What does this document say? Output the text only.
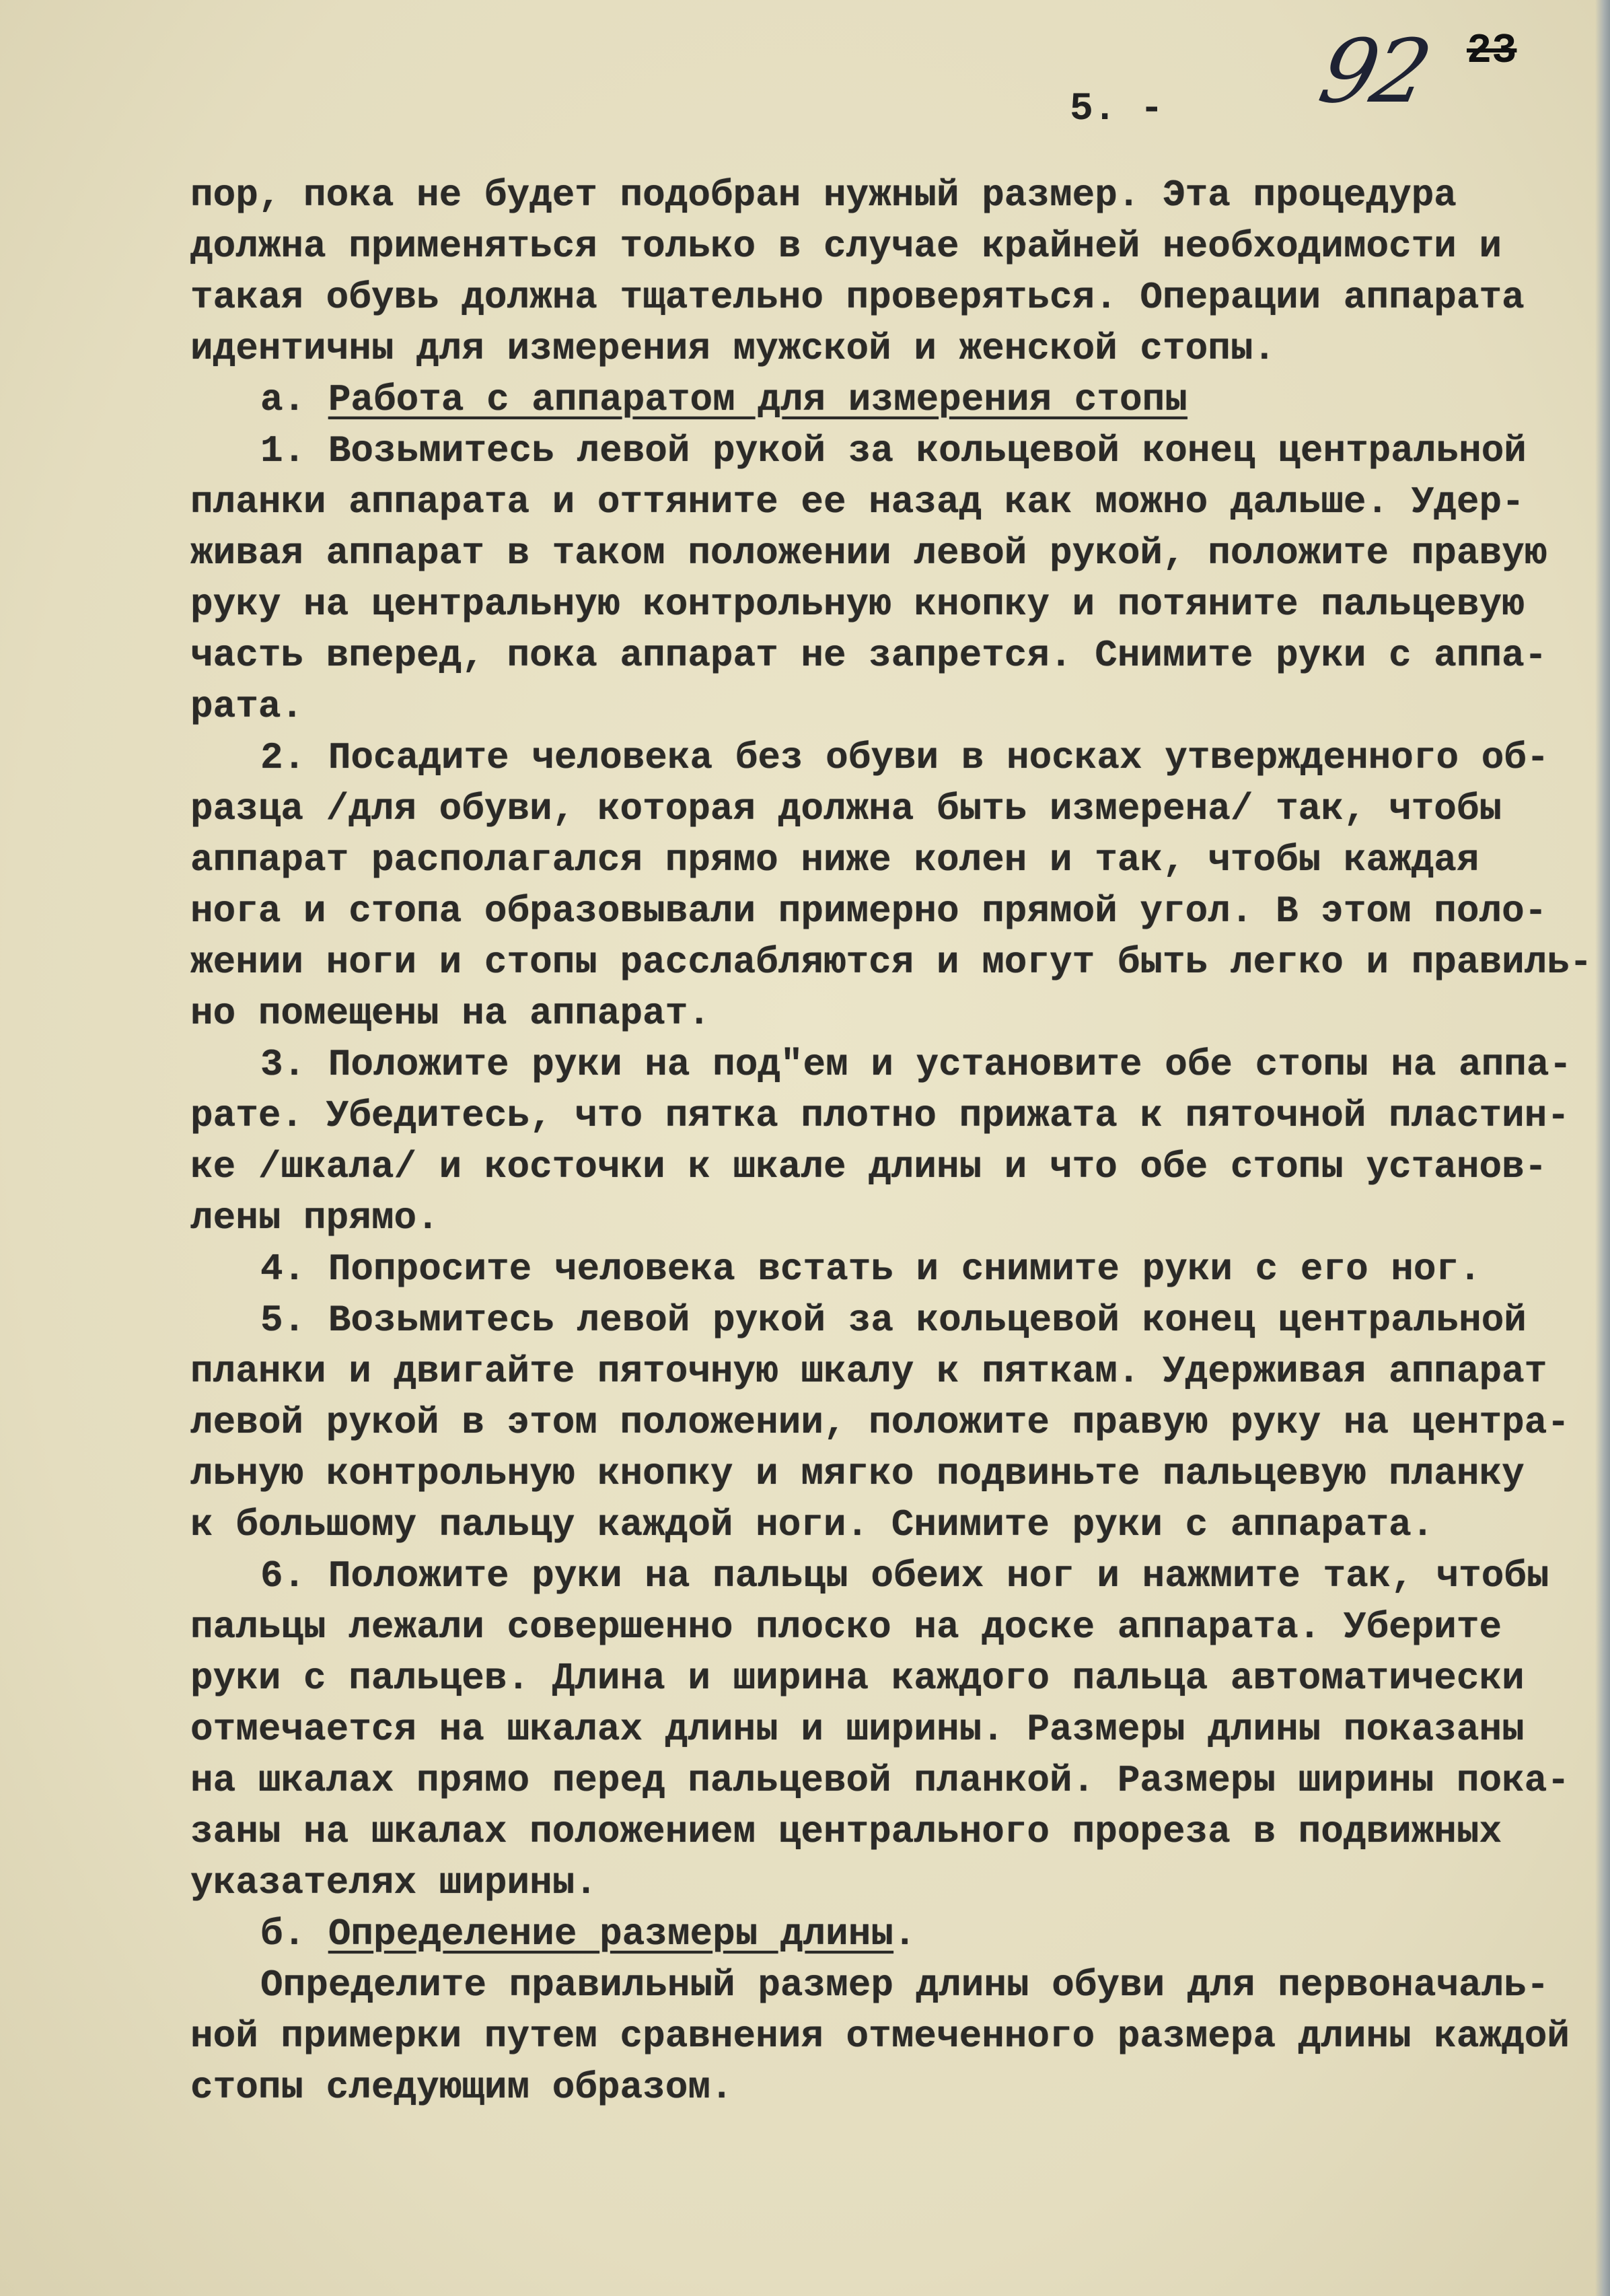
5. - 92 23
пор, пока не будет подобран нужный размер. Эта процедура
должна применяться только в случае крайней необходимости и
такая обувь должна тщательно проверяться. Операции аппарата
идентичны для измерения мужской и женской стопы.
а. Работа с аппаратом для измерения стопы
1. Возьмитесь левой рукой за кольцевой конец центральной
планки аппарата и оттяните ее назад как можно дальше. Удер-
живая аппарат в таком положении левой рукой, положите правую
руку на центральную контрольную кнопку и потяните пальцевую
часть вперед, пока аппарат не запрется. Снимите руки с аппа-
рата.
2. Посадите человека без обуви в носках утвержденного об-
разца /для обуви, которая должна быть измерена/ так, чтобы
аппарат располагался прямо ниже колен и так, чтобы каждая
нога и стопа образовывали примерно прямой угол. В этом поло-
жении ноги и стопы расслабляются и могут быть легко и правиль-
но помещены на аппарат.
3. Положите руки на под"ем и установите обе стопы на аппа-
рате. Убедитесь, что пятка плотно прижата к пяточной пластин-
ке /шкала/ и косточки к шкале длины и что обе стопы установ-
лены прямо.
4. Попросите человека встать и снимите руки с его ног.
5. Возьмитесь левой рукой за кольцевой конец центральной
планки и двигайте пяточную шкалу к пяткам. Удерживая аппарат
левой рукой в этом положении, положите правую руку на центра-
льную контрольную кнопку и мягко подвиньте пальцевую планку
к большому пальцу каждой ноги. Снимите руки с аппарата.
6. Положите руки на пальцы обеих ног и нажмите так, чтобы
пальцы лежали совершенно плоско на доске аппарата. Уберите
руки с пальцев. Длина и ширина каждого пальца автоматически
отмечается на шкалах длины и ширины. Размеры длины показаны
на шкалах прямо перед пальцевой планкой. Размеры ширины пока-
заны на шкалах положением центрального прореза в подвижных
указателях ширины.
б. Определение размеры длины.
Определите правильный размер длины обуви для первоначаль-
ной примерки путем сравнения отмеченного размера длины каждой
стопы следующим образом.
